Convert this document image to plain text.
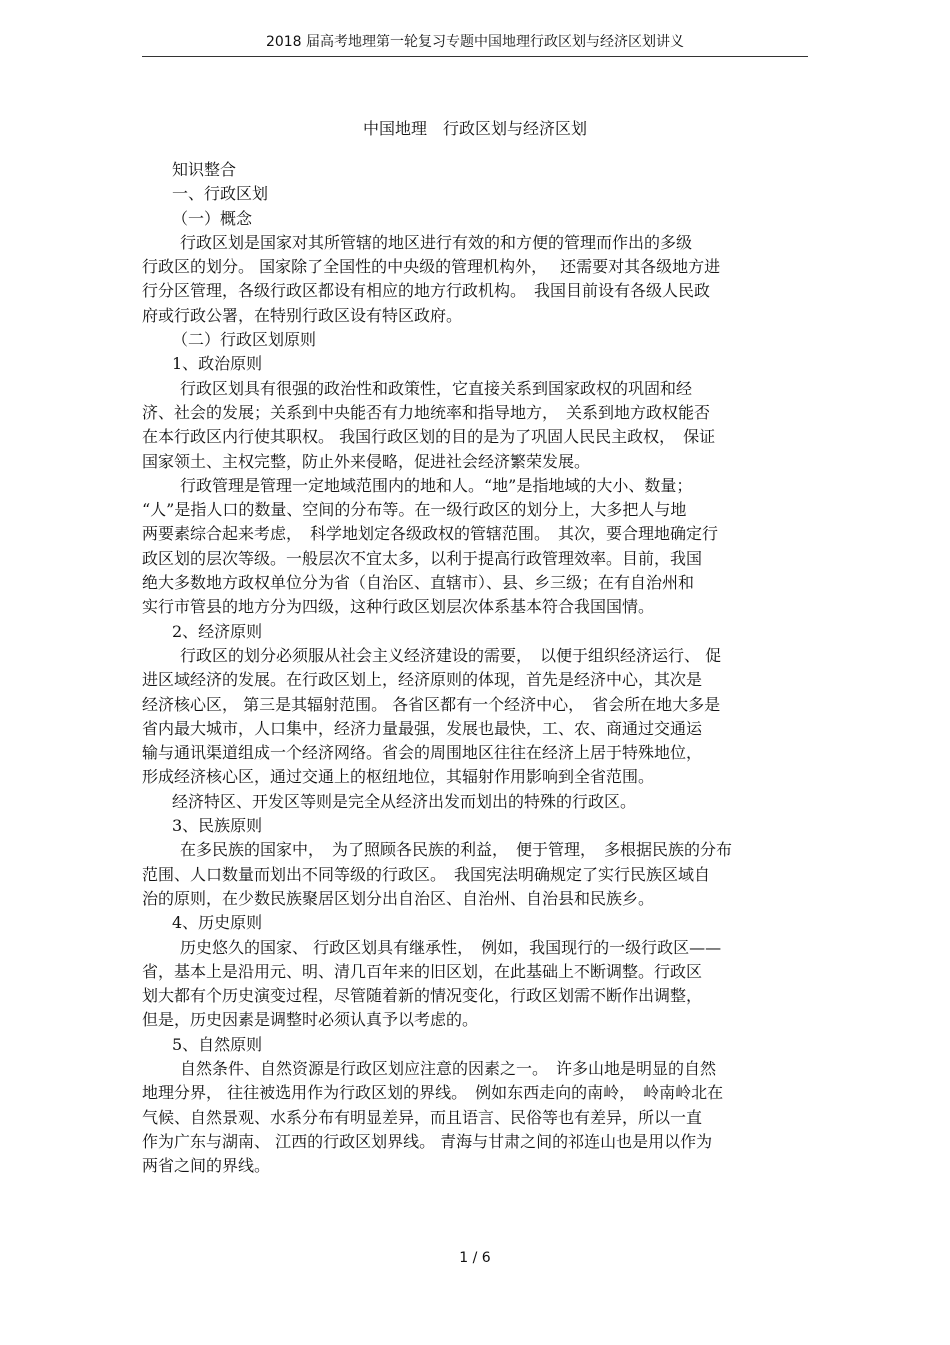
2018 届高考地理第一轮复习专题中国地理行政区划与经济区划讲义
中国地理　行政区划与经济区划
知识整合
一、行政区划
（一）概念
行政区划是国家对其所管辖的地区进行有效的和方便的管理而作出的多级
行政区的划分。 国家除了全国性的中央级的管理机构外，　 还需要对其各级地方进
行分区管理，各级行政区都设有相应的地方行政机构。　我国目前设有各级人民政
府或行政公署，在特别行政区设有特区政府。
（二）行政区划原则
1、政治原则
行政区划具有很强的政治性和政策性，它直接关系到国家政权的巩固和经
济、社会的发展；关系到中央能否有力地统率和指导地方，　关系到地方政权能否
在本行政区内行使其职权。 我国行政区划的目的是为了巩固人民民主政权，　保证
国家领土、主权完整，防止外来侵略，促进社会经济繁荣发展。
行政管理是管理一定地域范围内的地和人。“地”是指地域的大小、数量；
“人”是指人口的数量、空间的分布等。在一级行政区的划分上，大多把人与地
两要素综合起来考虑，　科学地划定各级政权的管辖范围。　其次，要合理地确定行
政区划的层次等级。一般层次不宜太多，以利于提高行政管理效率。目前，我国
绝大多数地方政权单位分为省（自治区、直辖市）、县、乡三级；在有自治州和
实行市管县的地方分为四级，这种行政区划层次体系基本符合我国国情。
2、经济原则
行政区的划分必须服从社会主义经济建设的需要，　以便于组织经济运行、 促
进区域经济的发展。在行政区划上，经济原则的体现，首先是经济中心，其次是
经济核心区， 第三是其辐射范围。 各省区都有一个经济中心，　省会所在地大多是
省内最大城市，人口集中，经济力量最强，发展也最快，工、农、商通过交通运
输与通讯渠道组成一个经济网络。省会的周围地区往往在经济上居于特殊地位，
形成经济核心区，通过交通上的枢纽地位，其辐射作用影响到全省范围。
经济特区、开发区等则是完全从经济出发而划出的特殊的行政区。
3、民族原则
在多民族的国家中，　为了照顾各民族的利益，　便于管理，　多根据民族的分布
范围、人口数量而划出不同等级的行政区。　我国宪法明确规定了实行民族区域自
治的原则，在少数民族聚居区划分出自治区、自治州、自治县和民族乡。
4、历史原则
历史悠久的国家、 行政区划具有继承性，　例如，我国现行的一级行政区——
省，基本上是沿用元、明、清几百年来的旧区划，在此基础上不断调整。行政区
划大都有个历史演变过程，尽管随着新的情况变化，行政区划需不断作出调整，
但是，历史因素是调整时必须认真予以考虑的。
5、自然原则
自然条件、自然资源是行政区划应注意的因素之一。　许多山地是明显的自然
地理分界， 往往被选用作为行政区划的界线。　例如东西走向的南岭，　岭南岭北在
气候、自然景观、水系分布有明显差异，而且语言、民俗等也有差异，所以一直
作为广东与湖南、 江西的行政区划界线。 青海与甘肃之间的祁连山也是用以作为
两省之间的界线。
1 / 6
